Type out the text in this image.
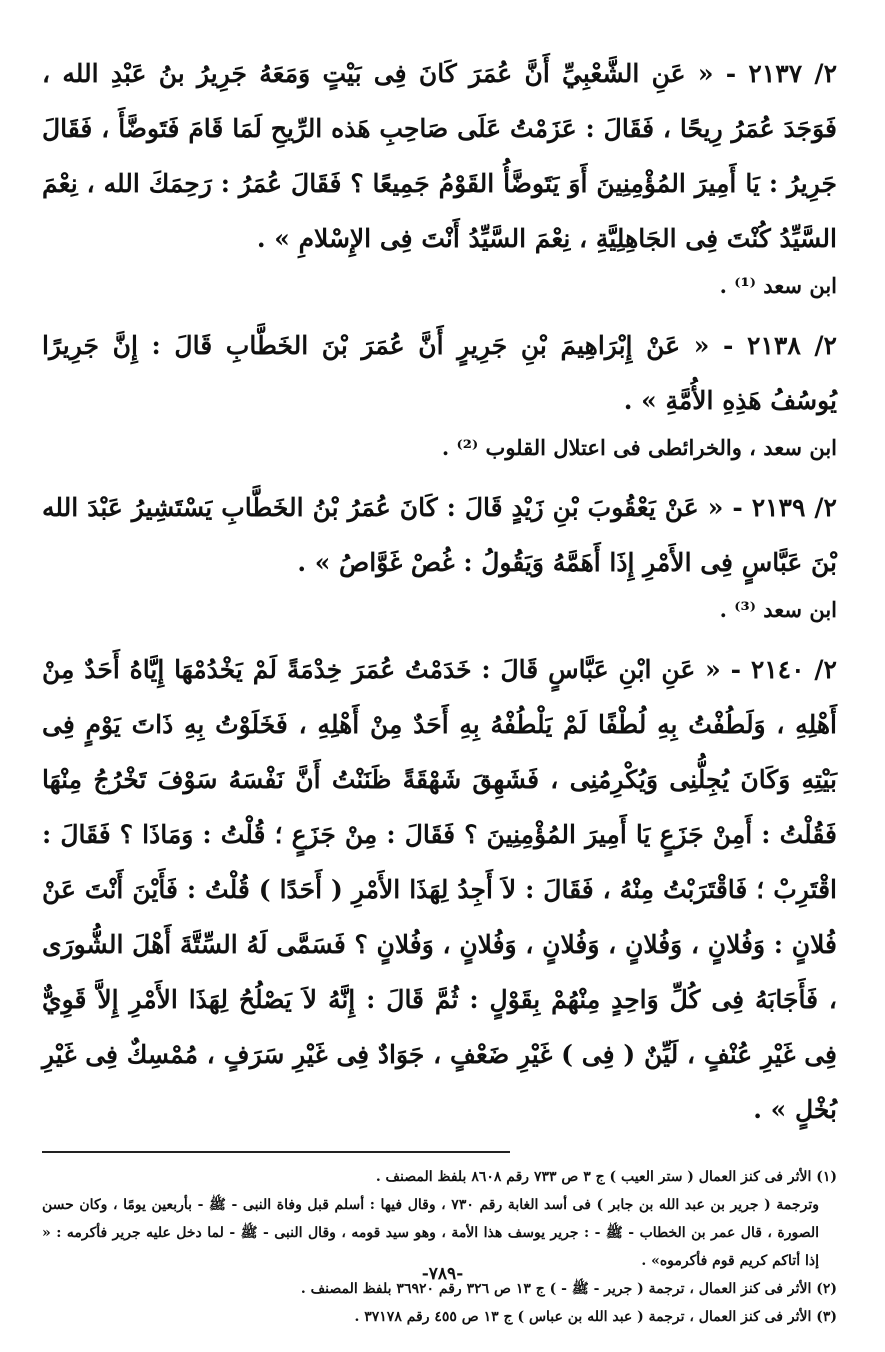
٢/ ٢١٣٧ - « عَنِ الشَّعْبِيِّ أَنَّ عُمَرَ كَانَ فِى بَيْتٍ وَمَعَهُ جَرِيرُ بنُ عَبْدِ الله ، فَوَجَدَ عُمَرُ رِيحًا ، فَقَالَ : عَزَمْتُ عَلَى صَاحِبِ هَذه الرِّيحِ لَمَا قَامَ فَتَوضَّأَ ، فَقَالَ جَرِيرُ : يَا أَمِيرَ المُؤْمِنِينَ أَوَ يَتَوضَّأُ القَوْمُ جَمِيعًا ؟ فَقَالَ عُمَرُ : رَحِمَكَ الله ، نِعْمَ السَّيِّدُ كُنْتَ فِى الجَاهِلِيَّةِ ، نِعْمَ السَّيِّدُ أَنْتَ فِى الإِسْلامِ » .

ابن سعد ⁽¹⁾ .

٢/ ٢١٣٨ - « عَنْ إِبْرَاهِيمَ بْنِ جَرِيرٍ أَنَّ عُمَرَ بْنَ الخَطَّابِ قَالَ : إِنَّ جَرِيرًا يُوسُفُ هَذِهِ الأُمَّةِ » .

ابن سعد ، والخرائطى فى اعتلال القلوب ⁽²⁾ .

٢/ ٢١٣٩ - « عَنْ يَعْقُوبَ بْنِ زَيْدٍ قَالَ : كَانَ عُمَرُ بْنُ الخَطَّابِ يَسْتَشِيرُ عَبْدَ الله بْنَ عَبَّاسٍ فِى الأَمْرِ إِذَا أَهَمَّهُ وَيَقُولُ : غُصْ غَوَّاصُ » .

ابن سعد ⁽³⁾ .

٢/ ٢١٤٠ - « عَنِ ابْنِ عَبَّاسٍ قَالَ : خَدَمْتُ عُمَرَ خِدْمَةً لَمْ يَخْدُمْهَا إِيَّاهُ أَحَدٌ مِنْ أَهْلِهِ ، وَلَطُفْتُ بِهِ لُطْفًا لَمْ يَلْطُفْهُ بِهِ أَحَدٌ مِنْ أَهْلِهِ ، فَخَلَوْتُ بِهِ ذَاتَ يَوْمٍ فِى بَيْتِهِ وَكَانَ يُجِلُّنِى وَيُكْرِمُنِى ، فَشَهِقَ شَهْقَةً ظَنَنْتُ أَنَّ نَفْسَهُ سَوْفَ تَخْرُجُ مِنْهَا فَقُلْتُ : أَمِنْ جَزَعٍ يَا أَمِيرَ المُؤْمِنِينَ ؟ فَقَالَ : مِنْ جَزَعٍ ؛ قُلْتُ : وَمَاذَا ؟ فَقَالَ : اقْتَرِبْ ؛ فَاقْتَرَبْتُ مِنْهُ ، فَقَالَ : لاَ أَجِدُ لِهَذَا الأَمْرِ ( أَحَدًا ) قُلْتُ : فَأَيْنَ أَنْتَ عَنْ فُلانٍ : وَفُلانٍ ، وَفُلانٍ ، وَفُلانٍ ، وَفُلانٍ ، وَفُلانٍ ؟ فَسَمَّى لَهُ السِّتَّةَ أَهْلَ الشُّورَى ، فَأَجَابَهُ فِى كُلِّ وَاحِدٍ مِنْهُمْ بِقَوْلٍ : ثُمَّ قَالَ : إِنَّهُ لاَ يَصْلُحُ لِهَذَا الأَمْرِ إِلاَّ قَوِيٌّ فِى غَيْرِ عُنْفٍ ، لَيِّنٌ ( فِى ) غَيْرِ ضَعْفٍ ، جَوَادٌ فِى غَيْرِ سَرَفٍ ، مُمْسِكٌ فِى غَيْرِ بُخْلٍ » .

(١) الأثر فى كنز العمال ( ستر العيب ) ج ٣ ص ٧٣٣ رقم ٨٦٠٨ بلفظ المصنف .

وترجمة ( جرير بن عبد الله بن جابر ) فى أسد الغابة رقم ٧٣٠ ، وقال فيها : أسلم قبل وفاة النبى - ﷺ - بأربعين يومًا ، وكان حسن الصورة ، قال عمر بن الخطاب - ﷺ - : جرير يوسف هذا الأمة ، وهو سيد قومه ، وقال النبى - ﷺ - لما دخل عليه جرير فأكرمه : « إذا أتاكم كريم قوم فأكرموه» .

(٢) الأثر فى كنز العمال ، ترجمة ( جرير - ﷺ - ) ج ١٣ ص ٣٢٦ رقم ٣٦٩٢٠ بلفظ المصنف .

(٣) الأثر فى كنز العمال ، ترجمة ( عبد الله بن عباس ) ج ١٣ ص ٤٥٥ رقم ٣٧١٧٨ .

-٧٨٩-
